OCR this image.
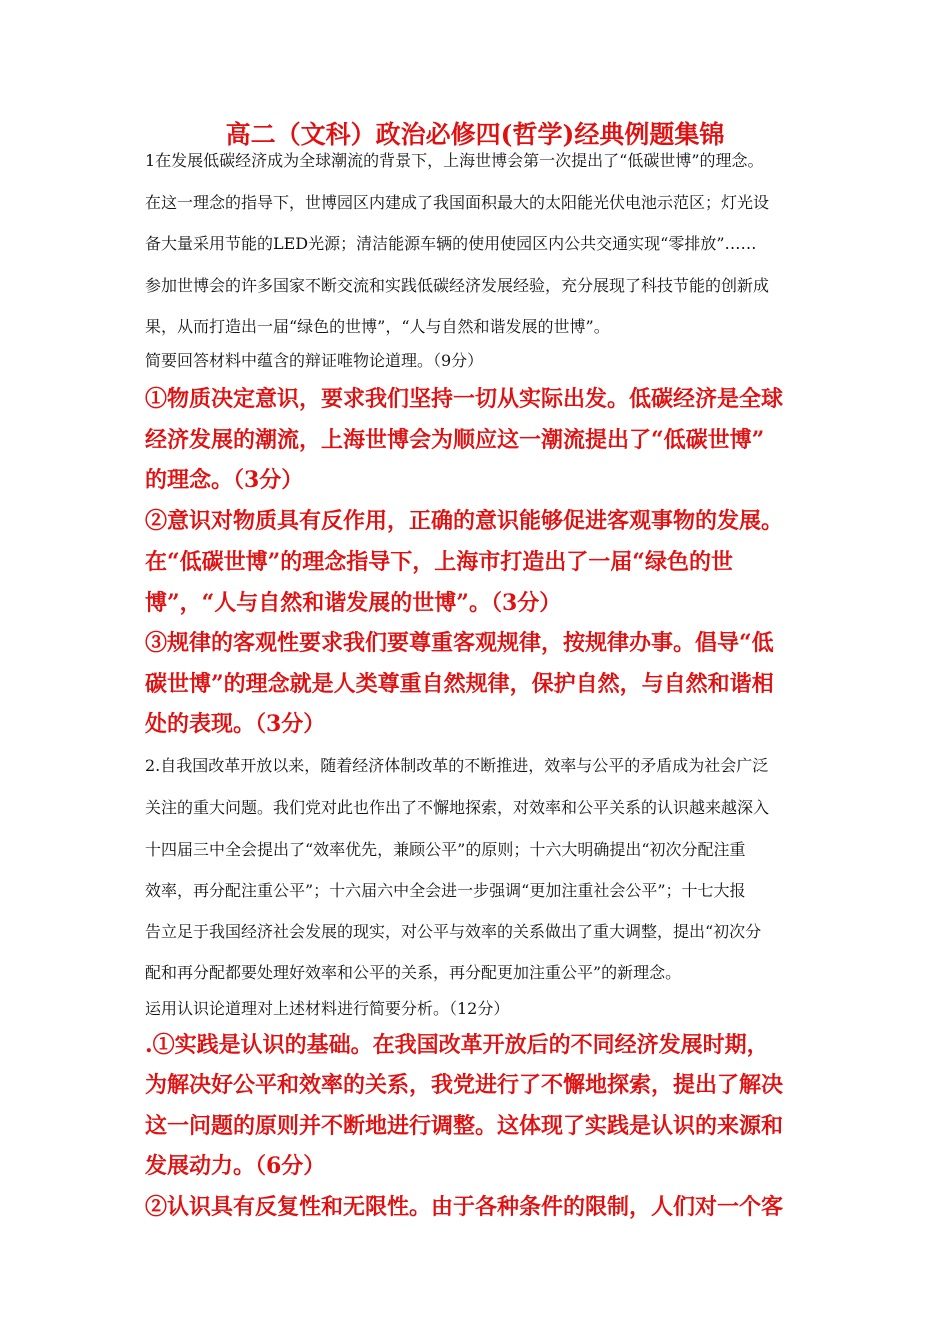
高二（文科）政治必修四(哲学)经典例题集锦
1在发展低碳经济成为全球潮流的背景下，上海世博会第一次提出了“低碳世博”的理念。
在这一理念的指导下，世博园区内建成了我国面积最大的太阳能光伏电池示范区；灯光设
备大量采用节能的LED光源；清洁能源车辆的使用使园区内公共交通实现“零排放”……
参加世博会的许多国家不断交流和实践低碳经济发展经验，充分展现了科技节能的创新成
果，从而打造出一届“绿色的世博”，“人与自然和谐发展的世博”。
简要回答材料中蕴含的辩证唯物论道理。（9分）
①物质决定意识，要求我们坚持一切从实际出发。低碳经济是全球
经济发展的潮流，上海世博会为顺应这一潮流提出了“低碳世博”
的理念。（3分）
②意识对物质具有反作用，正确的意识能够促进客观事物的发展。
在“低碳世博”的理念指导下，上海市打造出了一届“绿色的世
博”，“人与自然和谐发展的世博”。（3分）
③规律的客观性要求我们要尊重客观规律，按规律办事。倡导“低
碳世博”的理念就是人类尊重自然规律，保护自然，与自然和谐相
处的表现。（3分）
2.自我国改革开放以来，随着经济体制改革的不断推进，效率与公平的矛盾成为社会广泛
关注的重大问题。我们党对此也作出了不懈地探索，对效率和公平关系的认识越来越深入
十四届三中全会提出了“效率优先，兼顾公平”的原则；十六大明确提出“初次分配注重
效率，再分配注重公平”；十六届六中全会进一步强调“更加注重社会公平”；十七大报
告立足于我国经济社会发展的现实，对公平与效率的关系做出了重大调整，提出“初次分
配和再分配都要处理好效率和公平的关系，再分配更加注重公平”的新理念。
运用认识论道理对上述材料进行简要分析。（12分）
.①实践是认识的基础。在我国改革开放后的不同经济发展时期，
为解决好公平和效率的关系，我党进行了不懈地探索，提出了解决
这一问题的原则并不断地进行调整。这体现了实践是认识的来源和
发展动力。（6分）
②认识具有反复性和无限性。由于各种条件的限制，人们对一个客
